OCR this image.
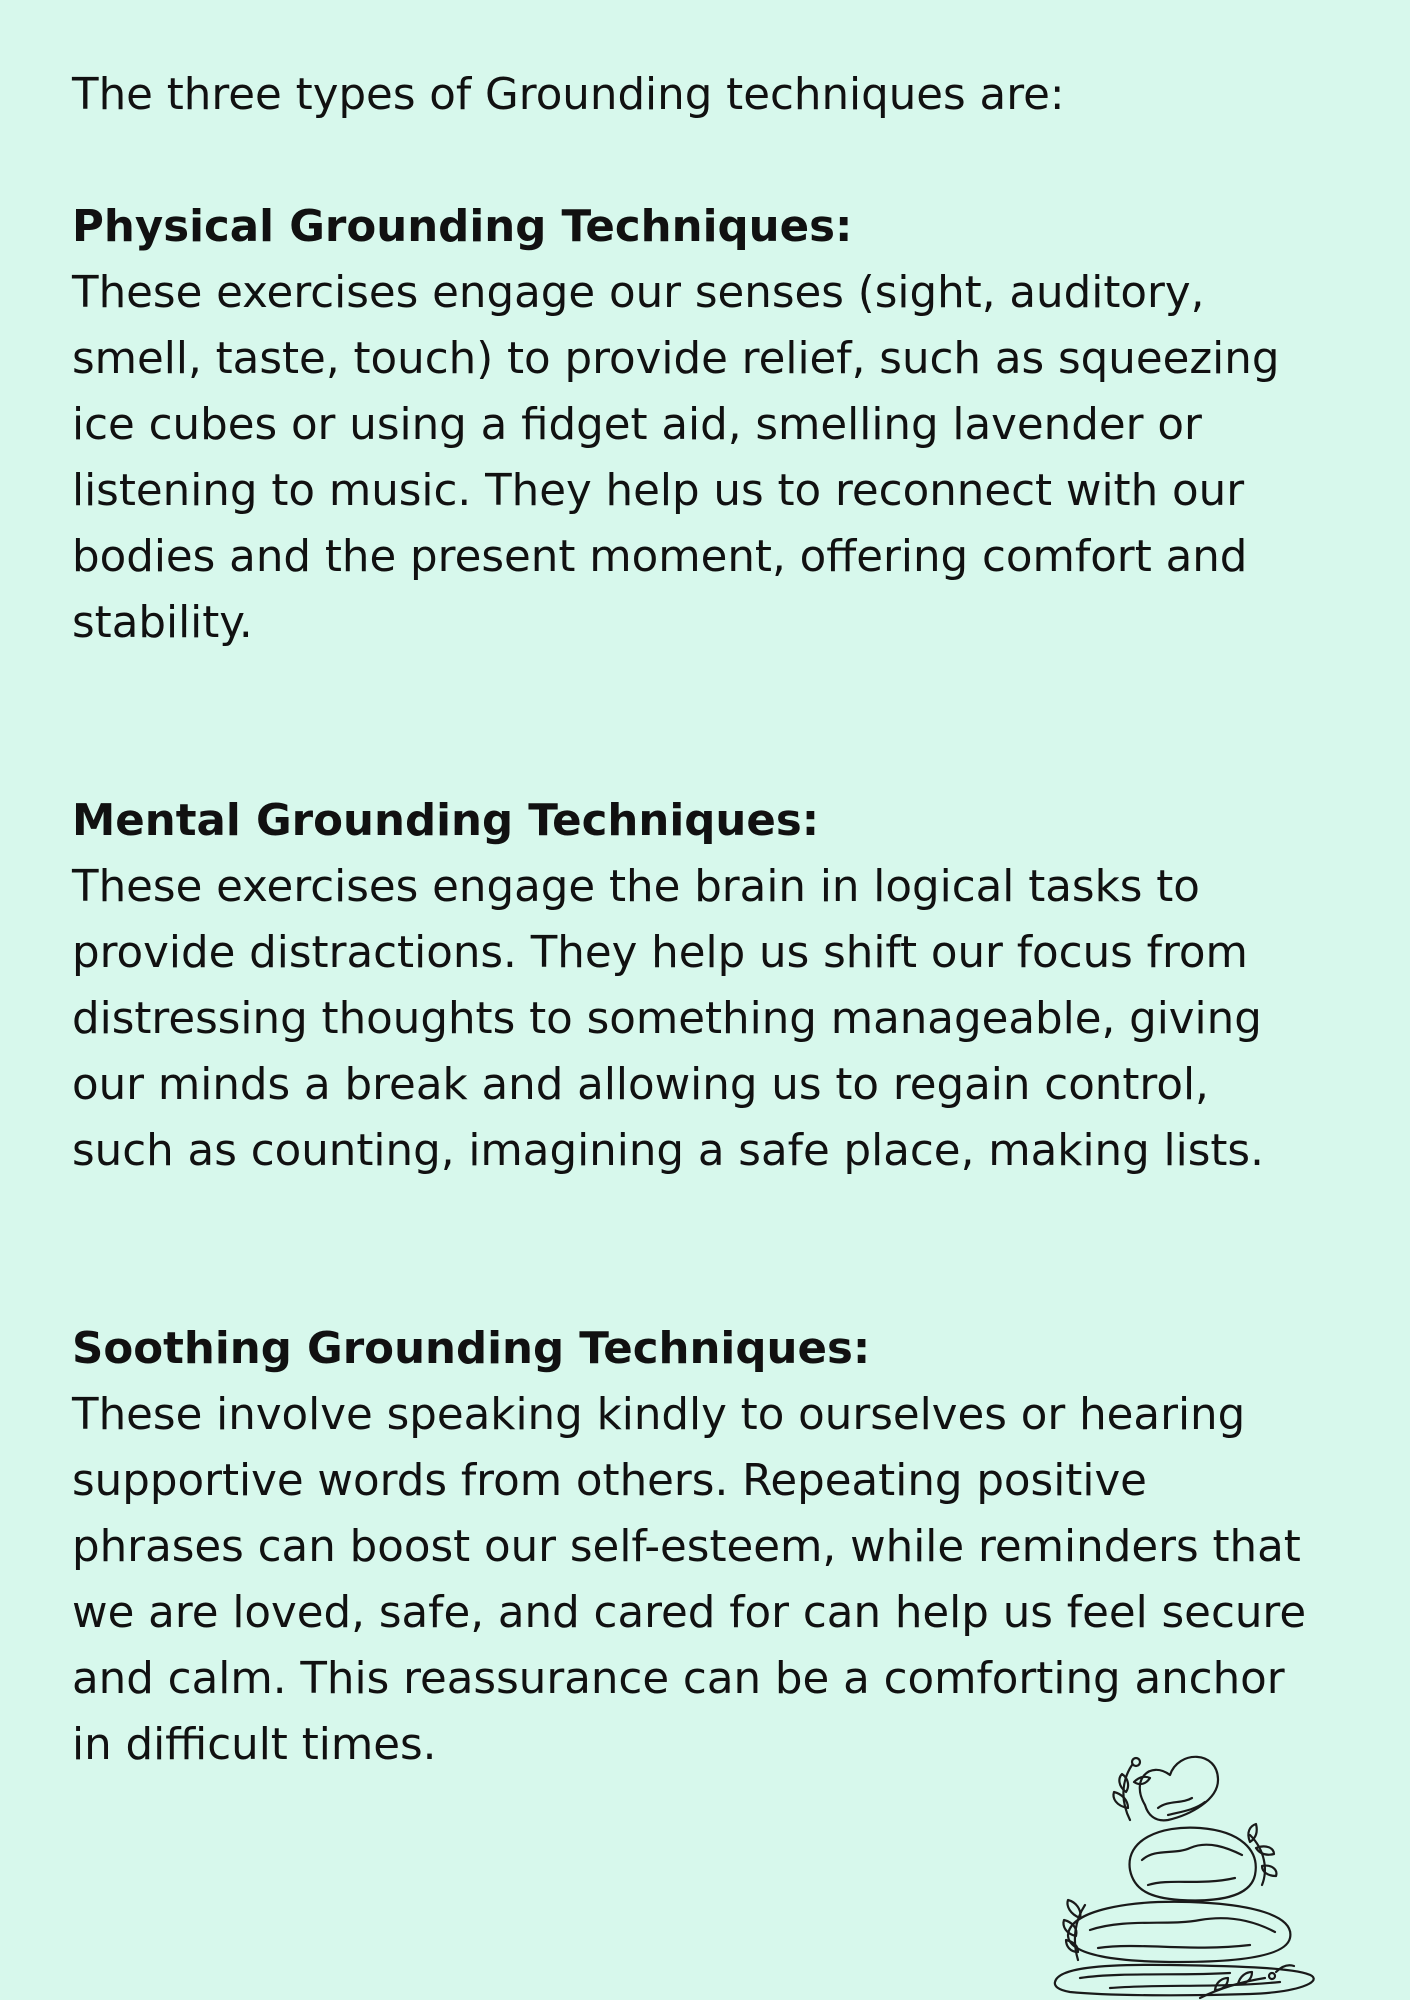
The three types of Grounding techniques are:

Physical Grounding Techniques:

These exercises engage our senses (sight, auditory,

smell, taste, touch) to provide relief, such as squeezing

ice cubes or using a fidget aid, smelling lavender or

listening to music. They help us to reconnect with our

bodies and the present moment, offering comfort and

stability.

Mental Grounding Techniques:

These exercises engage the brain in logical tasks to

provide distractions. They help us shift our focus from

distressing thoughts to something manageable, giving

our minds a break and allowing us to regain control,

such as counting, imagining a safe place, making lists.

Soothing Grounding Techniques:

These involve speaking kindly to ourselves or hearing

supportive words from others. Repeating positive

phrases can boost our self-esteem, while reminders that

we are loved, safe, and cared for can help us feel secure

and calm. This reassurance can be a comforting anchor

in difficult times.
